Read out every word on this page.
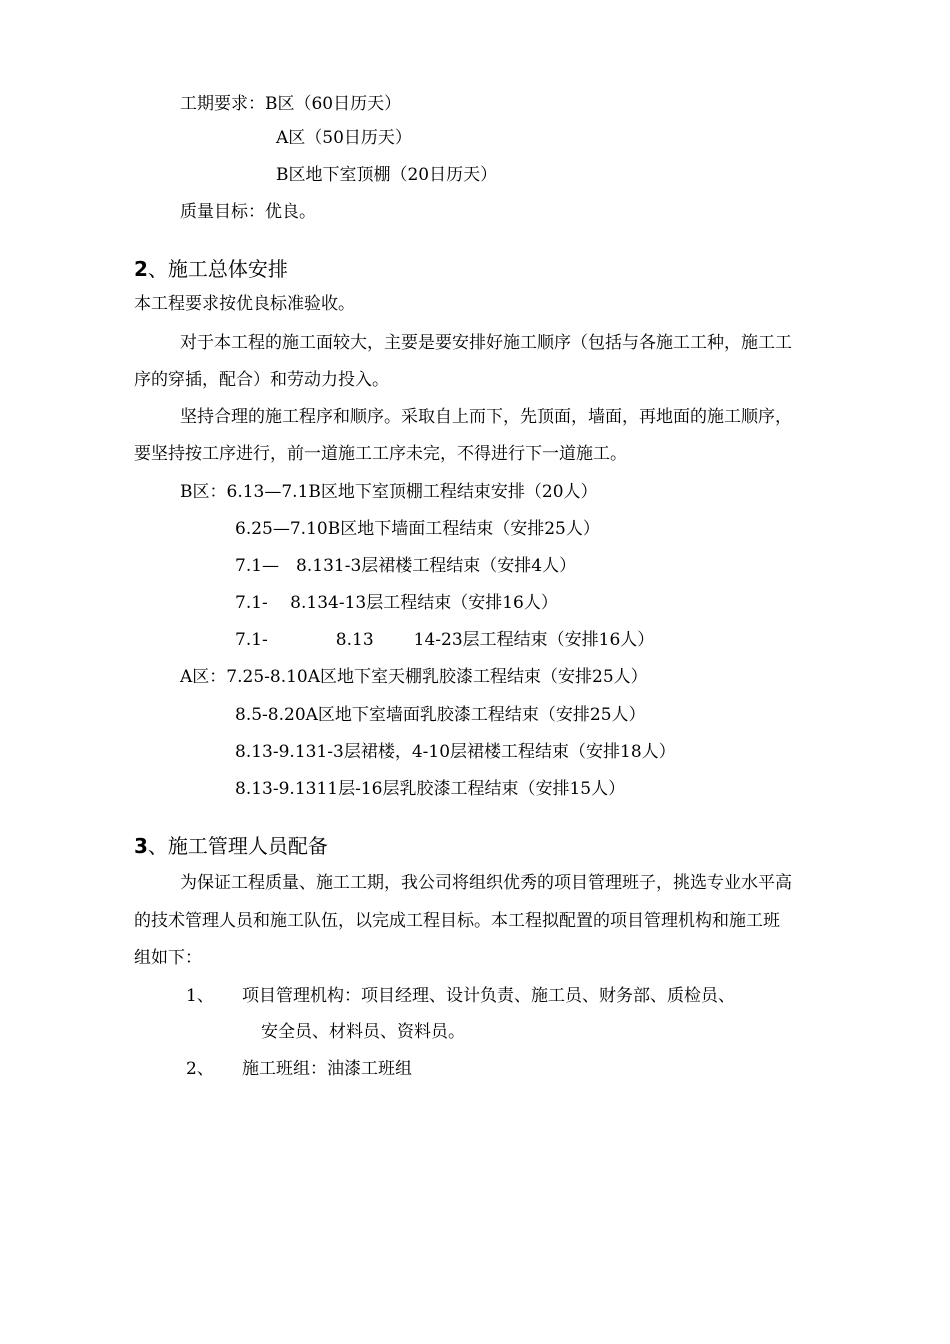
工期要求：B区（60日历天）
A区（50日历天）
B区地下室顶棚（20日历天）
质量目标：优良。
2、施工总体安排
本工程要求按优良标准验收。
对于本工程的施工面较大，主要是要安排好施工顺序（包括与各施工工种，施工工
序的穿插，配合）和劳动力投入。
坚持合理的施工程序和顺序。采取自上而下，先顶面，墙面，再地面的施工顺序，
要坚持按工序进行，前一道施工工序未完，不得进行下一道施工。
B区：6.13—7.1B区地下室顶棚工程结束安排（20人）
6.25—7.10B区地下墙面工程结束（安排25人）
7.1—　8.131-3层裙楼工程结束（安排4人）
7.1-　 8.134-13层工程结束（安排16人）
7.1-	8.13 14-23层工程结束（安排16人）
A区：7.25-8.10A区地下室天棚乳胶漆工程结束（安排25人）
8.5-8.20A区地下室墙面乳胶漆工程结束（安排25人）
8.13-9.131-3层裙楼，4-10层裙楼工程结束（安排18人）
8.13-9.1311层-16层乳胶漆工程结束（安排15人）
3、施工管理人员配备
为保证工程质量、施工工期，我公司将组织优秀的项目管理班子，挑选专业水平高
的技术管理人员和施工队伍，以完成工程目标。本工程拟配置的项目管理机构和施工班
组如下：
1、 项目管理机构：项目经理、设计负责、施工员、财务部、质检员、
安全员、材料员、资料员。
2、 施工班组：油漆工班组
